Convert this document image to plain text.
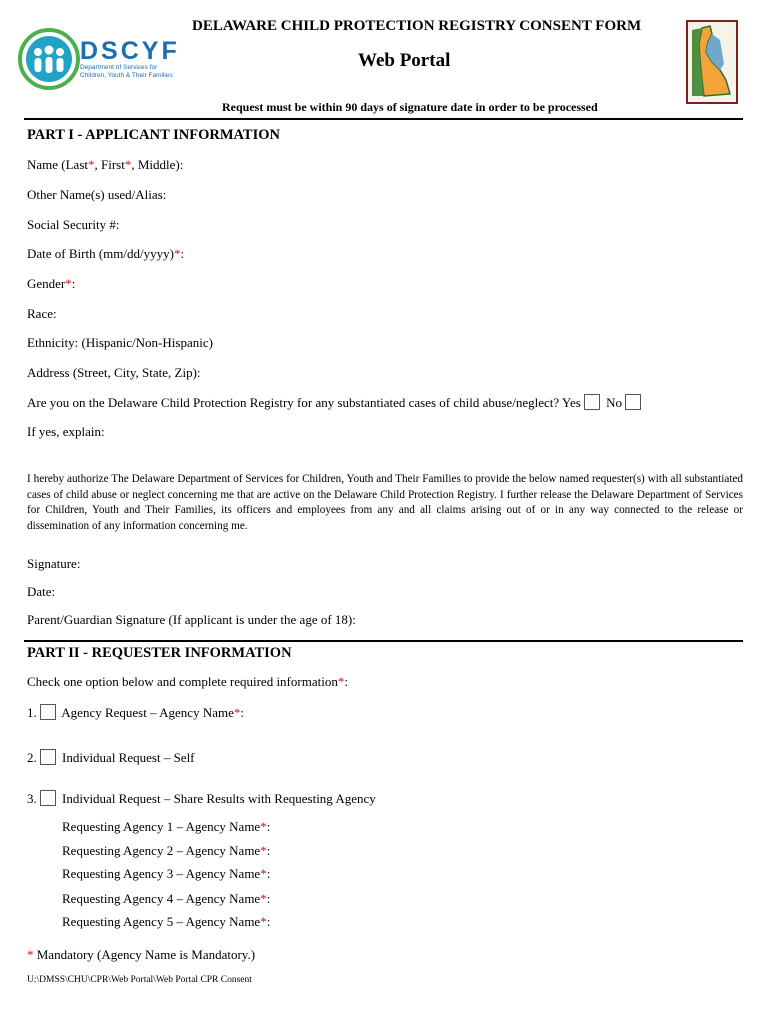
DSCYF
Department of Services for
Children, Youth & Their Families
DELAWARE CHILD PROTECTION REGISTRY CONSENT FORM
Web Portal
Request must be within 90 days of signature date in order to be processed
PART I - APPLICANT INFORMATION
Name (Last*, First*, Middle):
Other Name(s) used/Alias:
Social Security #:
Date of Birth (mm/dd/yyyy)*:
Gender*:
Race:
Ethnicity: (Hispanic/Non-Hispanic)
Address (Street, City, State, Zip):
Are you on the Delaware Child Protection Registry for any substantiated cases of child abuse/neglect? Yes No
If yes, explain:
I hereby authorize The Delaware Department of Services for Children, Youth and Their Families to provide the below named requester(s) with all substantiated cases of child abuse or neglect concerning me that are active on the Delaware Child Protection Registry. I further release the Delaware Department of Services for Children, Youth and Their Families, its officers and employees from any and all claims arising out of or in any way connected to the release or dissemination of any information concerning me.
Signature:
Date:
Parent/Guardian Signature (If applicant is under the age of 18):
PART II - REQUESTER INFORMATION
Check one option below and complete required information*:
1. Agency Request – Agency Name*:
2. Individual Request – Self
3. Individual Request – Share Results with Requesting Agency
Requesting Agency 1 – Agency Name*:
Requesting Agency 2 – Agency Name*:
Requesting Agency 3 – Agency Name*:
Requesting Agency 4 – Agency Name*:
Requesting Agency 5 – Agency Name*:
* Mandatory (Agency Name is Mandatory.)
U:\DMSS\CHU\CPR\Web Portal\Web Portal CPR Consent
